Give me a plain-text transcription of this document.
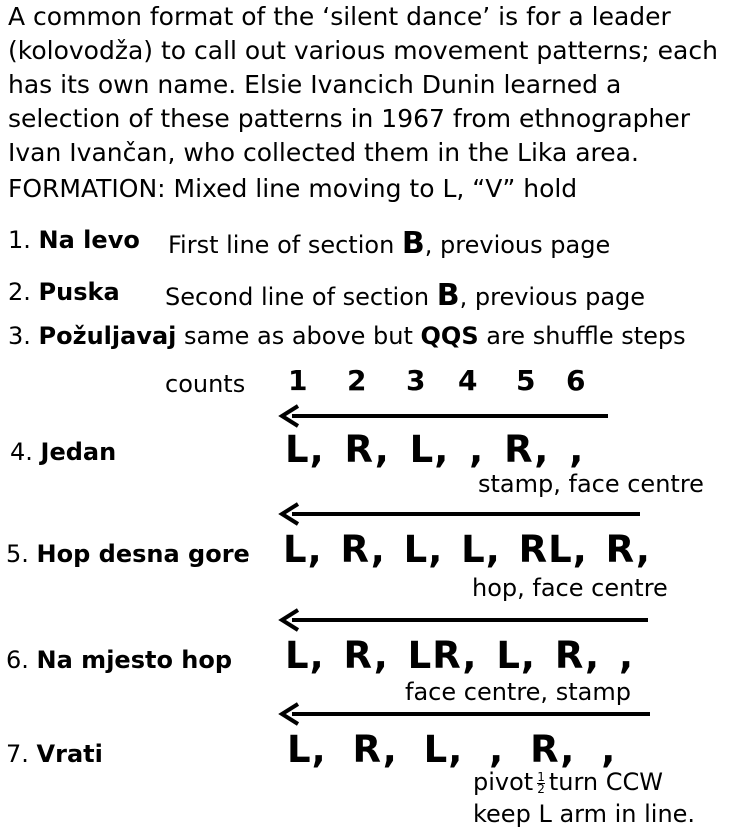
A common format of the ‘silent dance’ is for a leader
(kolovodža) to call out various movement patterns; each
has its own name. Elsie Ivancich Dunin learned a
selection of these patterns in 1967 from ethnographer
Ivan Ivančan, who collected them in the Lika area.
FORMATION: Mixed line moving to L, “V” hold
1. Na levo First line of section B, previous page
2. Puska Second line of section B, previous page
3. Požuljavaj same as above but QQS are shuffle steps
counts 1 2 3 4 5 6
4. Jedan	L, R, L, , R, ,
stamp, face centre
5. Hop desna gore L, R, L, L, RL, R,
hop, face centre
6. Na mjesto hop L, R, LR, L, R, ,
face centre, stamp
7. Vrati	L, R, L, , R, ,
pivot $\frac{1}{2}$ turn CCW
keep L arm in line.
